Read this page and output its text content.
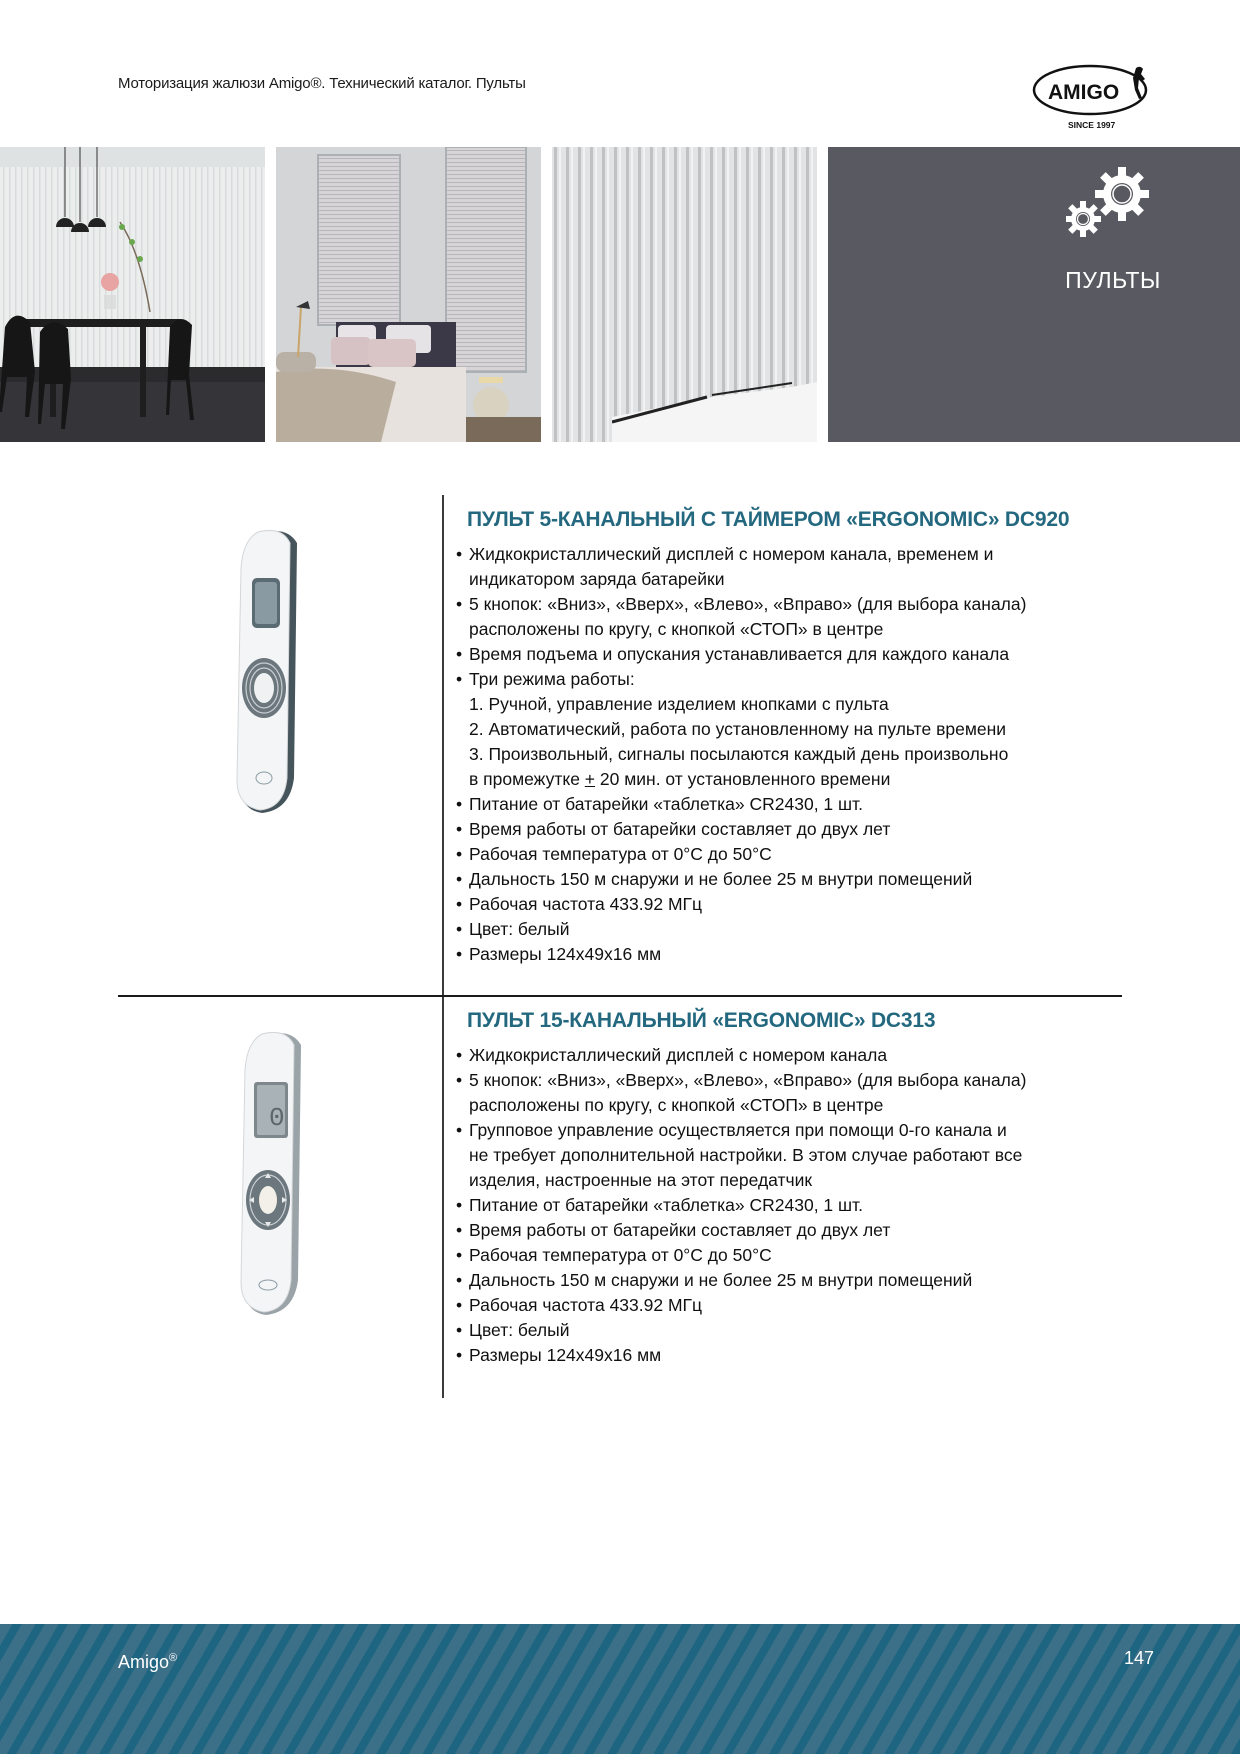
Моторизация жалюзи Amigo®. Технический каталог. Пульты	AMIGO
SINCE 1997
ПУЛЬТЫ
ПУЛЬТ 5-КАНАЛЬНЫЙ С ТАЙМЕРОМ «ERGONOMIC» DC920
• Жидкокристаллический дисплей с номером канала, временем и
индикатором заряда батарейки
• 5 кнопок: «Вниз», «Вверх», «Влево», «Вправо» (для выбора канала)
расположены по кругу, с кнопкой «СТОП» в центре
• Время подъема и опускания устанавливается для каждого канала
• Три режима работы:
1. Ручной, управление изделием кнопками с пульта
2. Автоматический, работа по установленному на пульте времени
3. Произвольный, сигналы посылаются каждый день произвольно
в промежутке + 20 мин. от установленного времени
• Питание от батарейки «таблетка» CR2430, 1 шт.
• Время работы от батарейки составляет до двух лет
• Рабочая температура от 0°C до 50°C
• Дальность 150 м снаружи и не более 25 м внутри помещений
• Рабочая частота 433.92 МГц
• Цвет: белый
• Размеры 124x49x16 мм
0
ПУЛЬТ 15-КАНАЛЬНЫЙ «ERGONOMIC» DC313
• Жидкокристаллический дисплей с номером канала
• 5 кнопок: «Вниз», «Вверх», «Влево», «Вправо» (для выбора канала)
расположены по кругу, с кнопкой «СТОП» в центре
• Групповое управление осуществляется при помощи 0-го канала и
не требует дополнительной настройки. В этом случае работают все
изделия, настроенные на этот передатчик
• Питание от батарейки «таблетка» CR2430, 1 шт.
• Время работы от батарейки составляет до двух лет
• Рабочая температура от 0°C до 50°C
• Дальность 150 м снаружи и не более 25 м внутри помещений
• Рабочая частота 433.92 МГц
• Цвет: белый
• Размеры 124x49x16 мм
Amigo®	147
